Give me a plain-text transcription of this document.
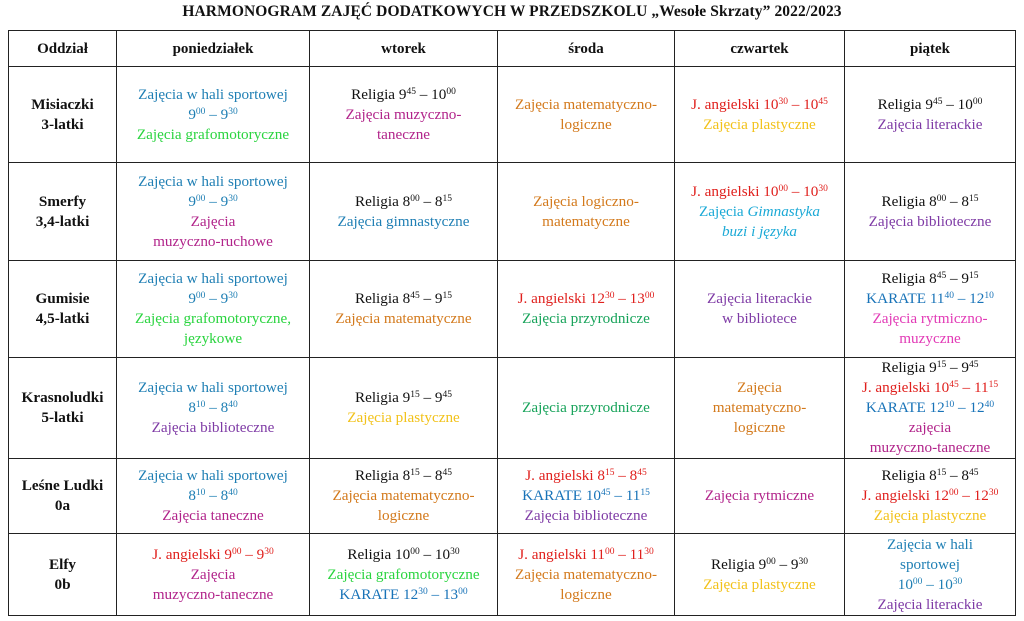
HARMONOGRAM ZAJĘĆ DODATKOWYCH W PRZEDSZKOLU „Wesołe Skrzaty” 2022/2023
Oddział	poniedziałek	wtorek	środa	czwartek	piątek

Misiaczki
3-latki	Zajęcia w hali sportowej
$9^{00} - 9^{30}$
Zajęcia grafomotoryczne	Religia $9^{45} - 10^{00}$
Zajęcia muzyczno-
taneczne	Zajęcia matematyczno-
logiczne	J. angielski $10^{30} - 10^{45}$
Zajęcia plastyczne	Religia $9^{45} - 10^{00}$
Zajęcia literackie

Smerfy
3,4-latki	Zajęcia w hali sportowej
$9^{00} - 9^{30}$
Zajęcia
muzyczno-ruchowe	Religia $8^{00} - 8^{15}$
Zajęcia gimnastyczne	Zajęcia logiczno-
matematyczne	J. angielski $10^{00} - 10^{30}$
Zajęcia Gimnastyka
buzi i języka	Religia $8^{00} - 8^{15}$
Zajęcia biblioteczne

Gumisie
4,5-latki	Zajęcia w hali sportowej
$9^{00} - 9^{30}$
Zajęcia grafomotoryczne,
językowe	Religia $8^{45} - 9^{15}$
Zajęcia matematyczne	J. angielski $12^{30} - 13^{00}$
Zajęcia przyrodnicze	Zajęcia literackie
w bibliotece	Religia $8^{45} - 9^{15}$
KARATE $11^{40} - 12^{10}$
Zajęcia rytmiczno-
muzyczne

Krasnoludki
5-latki	Zajęcia w hali sportowej
$8^{10} - 8^{40}$
Zajęcia biblioteczne	Religia $9^{15} - 9^{45}$
Zajęcia plastyczne	Zajęcia przyrodnicze	Zajęcia
matematyczno-
logiczne	Religia $9^{15} - 9^{45}$
J. angielski $10^{45} - 11^{15}$
KARATE $12^{10} - 12^{40}$
zajęcia
muzyczno-taneczne

Leśne Ludki
0a	Zajęcia w hali sportowej
$8^{10} - 8^{40}$
Zajęcia taneczne	Religia $8^{15} - 8^{45}$
Zajęcia matematyczno-
logiczne	J. angielski $8^{15} - 8^{45}$
KARATE $10^{45} - 11^{15}$
Zajęcia biblioteczne	Zajęcia rytmiczne	Religia $8^{15} - 8^{45}$
J. angielski $12^{00} - 12^{30}$
Zajęcia plastyczne

Elfy
0b	J. angielski $9^{00} - 9^{30}$
Zajęcia
muzyczno-taneczne	Religia $10^{00} - 10^{30}$
Zajęcia grafomotoryczne
KARATE $12^{30} - 13^{00}$	J. angielski $11^{00} - 11^{30}$
Zajęcia matematyczno-
logiczne	Religia $9^{00} - 9^{30}$
Zajęcia plastyczne	Zajęcia w hali
sportowej
$10^{00} - 10^{30}$
Zajęcia literackie
